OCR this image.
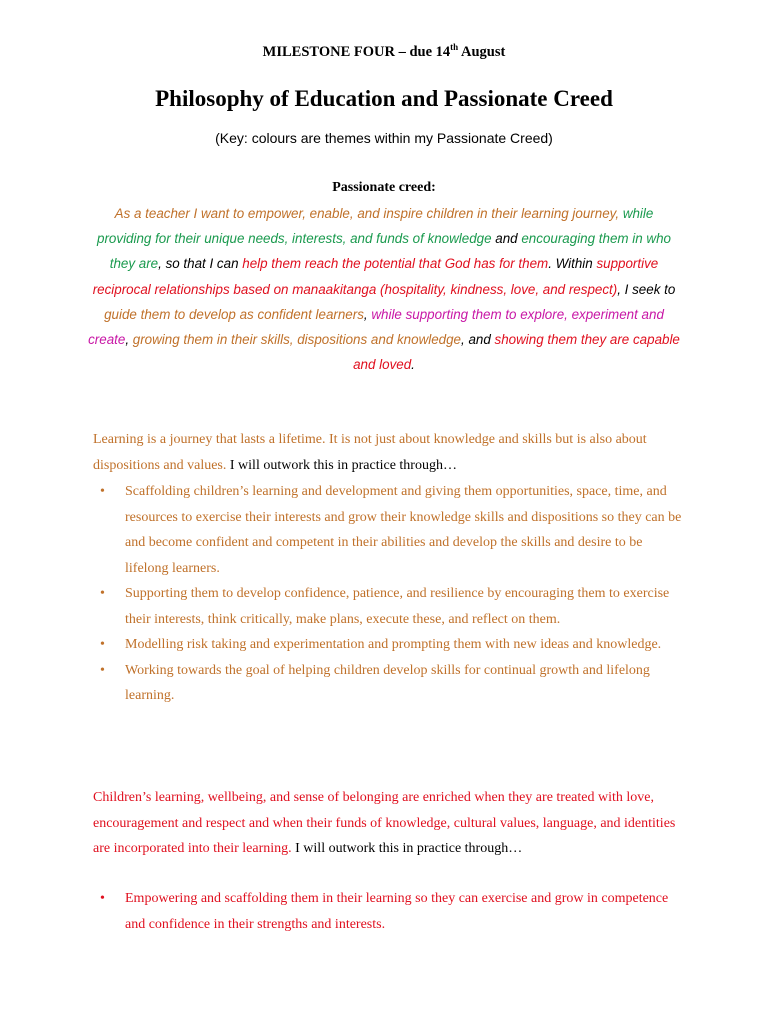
MILESTONE FOUR – due 14th August
Philosophy of Education and Passionate Creed
(Key: colours are themes within my Passionate Creed)
Passionate creed:
As a teacher I want to empower, enable, and inspire children in their learning journey, while providing for their unique needs, interests, and funds of knowledge and encouraging them in who they are, so that I can help them reach the potential that God has for them. Within supportive reciprocal relationships based on manaakitanga (hospitality, kindness, love, and respect), I seek to guide them to develop as confident learners, while supporting them to explore, experiment and create, growing them in their skills, dispositions and knowledge, and showing them they are capable and loved.
Learning is a journey that lasts a lifetime. It is not just about knowledge and skills but is also about dispositions and values. I will outwork this in practice through…
• Scaffolding children’s learning and development and giving them opportunities, space, time, and resources to exercise their interests and grow their knowledge skills and dispositions so they can be and become confident and competent in their abilities and develop the skills and desire to be lifelong learners.
• Supporting them to develop confidence, patience, and resilience by encouraging them to exercise their interests, think critically, make plans, execute these, and reflect on them.
• Modelling risk taking and experimentation and prompting them with new ideas and knowledge.
• Working towards the goal of helping children develop skills for continual growth and lifelong learning.
Children’s learning, wellbeing, and sense of belonging are enriched when they are treated with love, encouragement and respect and when their funds of knowledge, cultural values, language, and identities are incorporated into their learning. I will outwork this in practice through…
• Empowering and scaffolding them in their learning so they can exercise and grow in competence and confidence in their strengths and interests.
